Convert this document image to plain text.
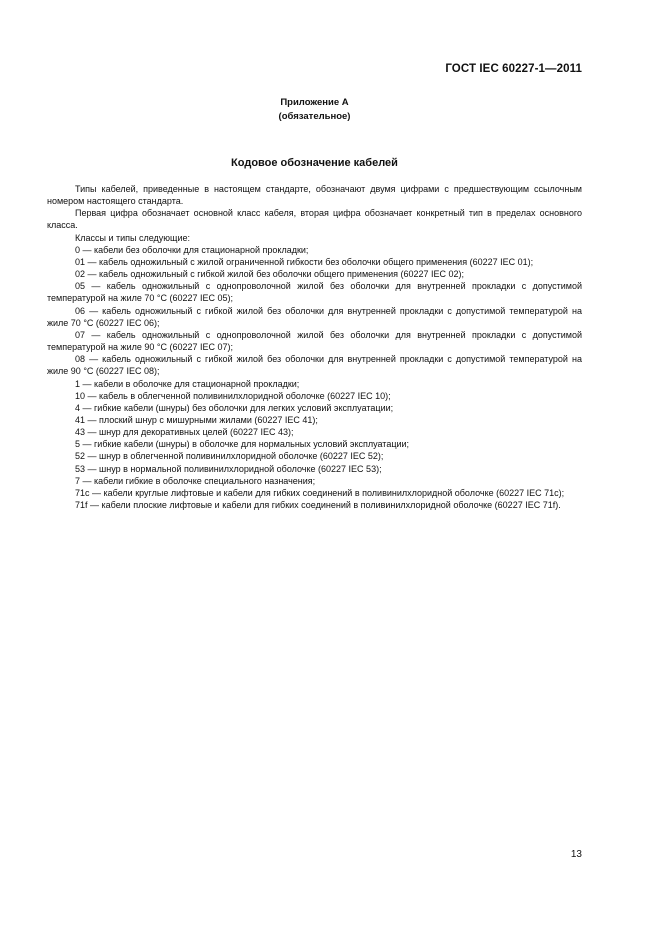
ГОСТ IEC 60227-1—2011
Приложение А
(обязательное)
Кодовое обозначение кабелей

Типы кабелей, приведенные в настоящем стандарте, обозначают двумя цифрами с предшествующим ссылочным номером настоящего стандарта.

Первая цифра обозначает основной класс кабеля, вторая цифра обозначает конкретный тип в пределах основного класса.

Классы и типы следующие:

0 — кабели без оболочки для стационарной прокладки;

01 — кабель одножильный с жилой ограниченной гибкости без оболочки общего применения (60227 IEC 01);

02 — кабель одножильный с гибкой жилой без оболочки общего применения (60227 IEC 02);

05 — кабель одножильный с однопроволочной жилой без оболочки для внутренней прокладки с допустимой температурой на жиле 70 °С (60227 IEC 05);

06 — кабель одножильный с гибкой жилой без оболочки для внутренней прокладки с допустимой температурой на жиле 70 °С (60227 IEC 06);

07 — кабель одножильный с однопроволочной жилой без оболочки для внутренней прокладки с допустимой температурой на жиле 90 °С (60227 IEC 07);

08 — кабель одножильный с гибкой жилой без оболочки для внутренней прокладки с допустимой температурой на жиле 90 °С (60227 IEC 08);

1 — кабели в оболочке для стационарной прокладки;

10 — кабель в облегченной поливинилхлоридной оболочке (60227 IEC 10);

4 — гибкие кабели (шнуры) без оболочки для легких условий эксплуатации;

41 — плоский шнур с мишурными жилами (60227 IEC 41);

43 — шнур для декоративных целей (60227 IEC 43);

5 — гибкие кабели (шнуры) в оболочке для нормальных условий эксплуатации;

52 — шнур в облегченной поливинилхлоридной оболочке (60227 IEC 52);

53 — шнур в нормальной поливинилхлоридной оболочке (60227 IEC 53);

7 — кабели гибкие в оболочке специального назначения;

71с — кабели круглые лифтовые и кабели для гибких соединений в поливинилхлоридной оболочке (60227 IEC 71c);

71f — кабели плоские лифтовые и кабели для гибких соединений в поливинилхлоридной оболочке (60227 IEC 71f).

13
